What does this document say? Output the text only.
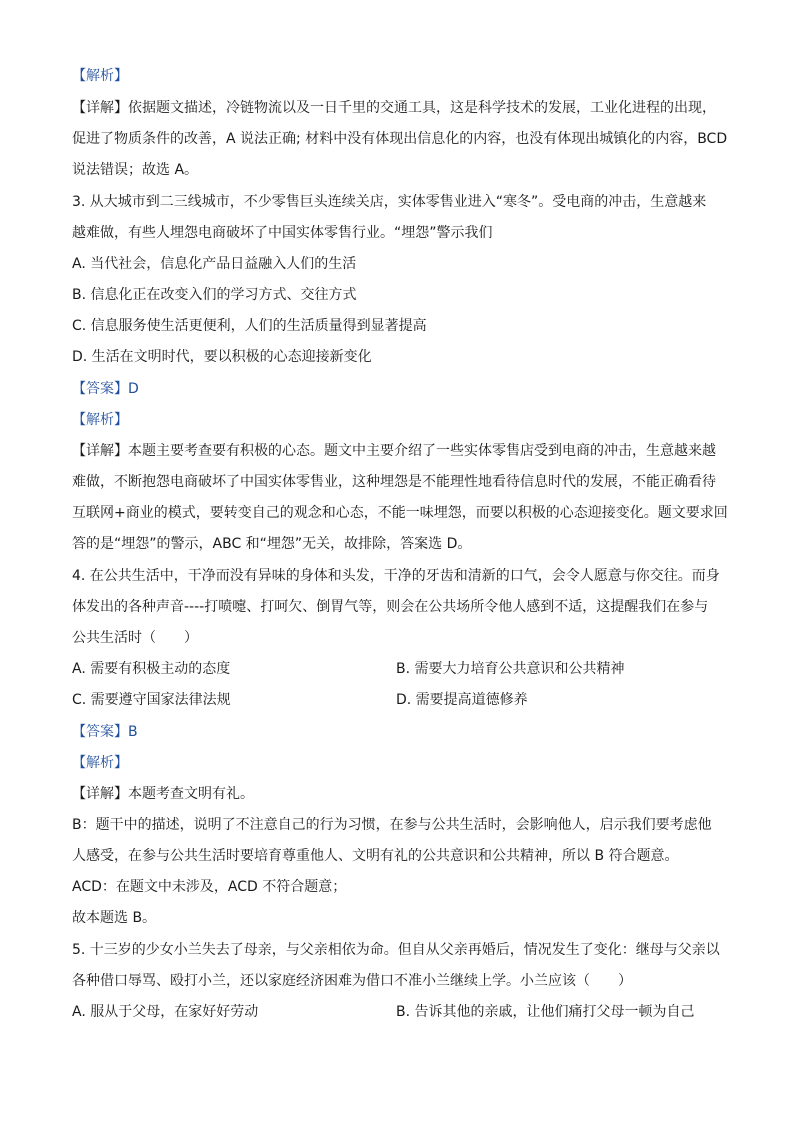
【解析】
【详解】依据题文描述，冷链物流以及一日千里的交通工具，这是科学技术的发展，工业化进程的出现，
促进了物质条件的改善，A 说法正确; 材料中没有体现出信息化的内容，也没有体现出城镇化的内容，BCD
说法错误；故选 A。
3. 从大城市到二三线城市，不少零售巨头连续关店，实体零售业进入“寒冬”。受电商的冲击，生意越来
越难做，有些人埋怨电商破坏了中国实体零售行业。“埋怨”警示我们
A. 当代社会，信息化产品日益融入人们的生活
B. 信息化正在改变入们的学习方式、交往方式
C. 信息服务使生活更便利，人们的生活质量得到显著提高
D. 生活在文明时代，要以积极的心态迎接新变化
【答案】D
【解析】
【详解】本题主要考查要有积极的心态。题文中主要介绍了一些实体零售店受到电商的冲击，生意越来越
难做，不断抱怨电商破坏了中国实体零售业，这种埋怨是不能理性地看待信息时代的发展，不能正确看待
互联网+商业的模式，要转变自己的观念和心态，不能一味埋怨，而要以积极的心态迎接变化。题文要求回
答的是“埋怨”的警示，ABC 和“埋怨”无关，故排除，答案选 D。
4. 在公共生活中，干净而没有异味的身体和头发，干净的牙齿和清新的口气，会令人愿意与你交往。而身
体发出的各种声音----打喷嚏、打呵欠、倒胃气等，则会在公共场所令他人感到不适，这提醒我们在参与
公共生活时（　　）
A. 需要有积极主动的态度	B. 需要大力培育公共意识和公共精神
C. 需要遵守国家法律法规	D. 需要提高道德修养
【答案】B
【解析】
【详解】本题考查文明有礼。
B：题干中的描述，说明了不注意自己的行为习惯，在参与公共生活时，会影响他人，启示我们要考虑他
人感受，在参与公共生活时要培育尊重他人、文明有礼的公共意识和公共精神，所以 B 符合题意。
ACD：在题文中未涉及，ACD 不符合题意；
故本题选 B。
5. 十三岁的少女小兰失去了母亲，与父亲相依为命。但自从父亲再婚后，情况发生了变化：继母与父亲以
各种借口辱骂、殴打小兰，还以家庭经济困难为借口不准小兰继续上学。小兰应该（　　）
A. 服从于父母，在家好好劳动	B. 告诉其他的亲戚，让他们痛打父母一顿为自己
